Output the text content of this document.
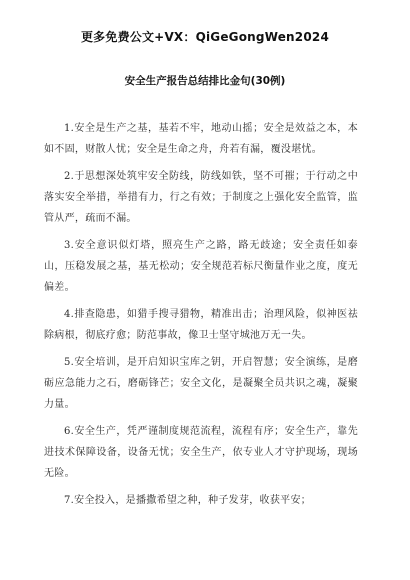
更多免费公文+VX：QiGeGongWen2024
安全生产报告总结排比金句(30例)

1.安全是生产之基，基若不牢，地动山摇；安全是效益之本，本如不固，财散人忧；安全是生命之舟，舟若有漏，覆没堪忧。

2.于思想深处筑牢安全防线，防线如铁，坚不可摧；于行动之中落实安全举措，举措有力，行之有效；于制度之上强化安全监管，监管从严，疏而不漏。

3.安全意识似灯塔，照亮生产之路，路无歧途；安全责任如泰山，压稳发展之基，基无松动；安全规范若标尺衡量作业之度，度无偏差。

4.排查隐患，如猎手搜寻猎物，精准出击；治理风险，似神医祛除病根，彻底疗愈；防范事故，像卫士坚守城池万无一失。

5.安全培训，是开启知识宝库之钥，开启智慧；安全演练，是磨砺应急能力之石，磨砺锋芒；安全文化，是凝聚全员共识之魂，凝聚力量。

6.安全生产，凭严谨制度规范流程，流程有序；安全生产，靠先进技术保障设备，设备无忧；安全生产，依专业人才守护现场，现场无险。

7.安全投入，是播撒希望之种，种子发芽，收获平安；
